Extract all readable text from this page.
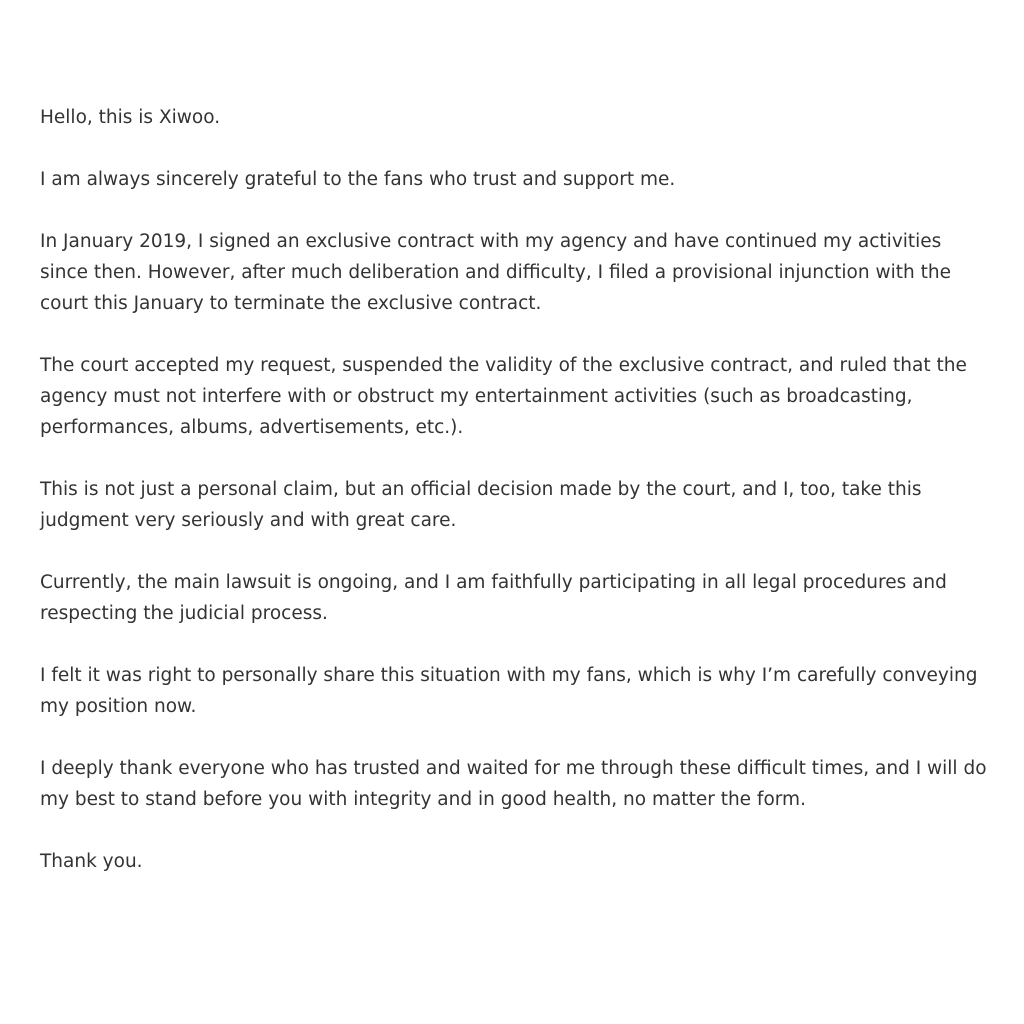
Hello, this is Xiwoo.

I am always sincerely grateful to the fans who trust and support me.

In January 2019, I signed an exclusive contract with my agency and have continued my activities since then. However, after much deliberation and difficulty, I filed a provisional injunction with the court this January to terminate the exclusive contract.

The court accepted my request, suspended the validity of the exclusive contract, and ruled that the agency must not interfere with or obstruct my entertainment activities (such as broadcasting, performances, albums, advertisements, etc.).

This is not just a personal claim, but an official decision made by the court, and I, too, take this judgment very seriously and with great care.

Currently, the main lawsuit is ongoing, and I am faithfully participating in all legal procedures and respecting the judicial process.

I felt it was right to personally share this situation with my fans, which is why I’m carefully conveying my position now.

I deeply thank everyone who has trusted and waited for me through these difficult times, and I will do my best to stand before you with integrity and in good health, no matter the form.

Thank you.
